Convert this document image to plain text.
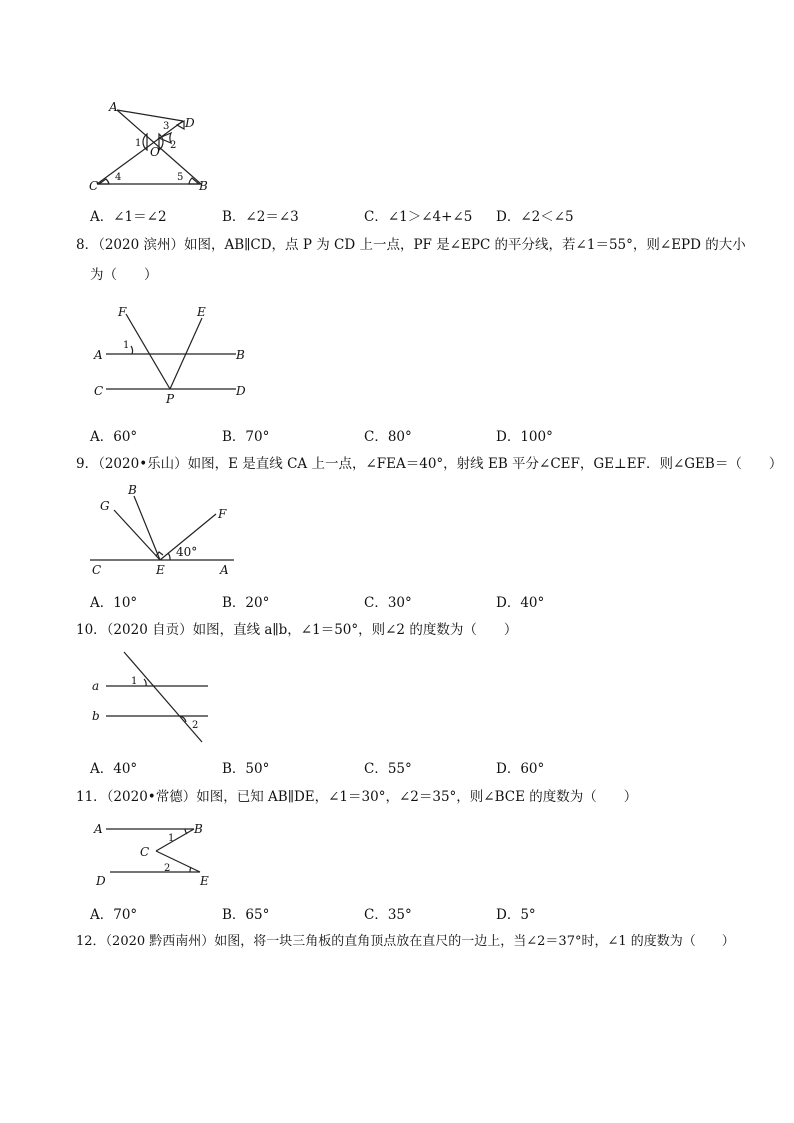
A
D
O
C	B
1	2
3
4	5
A．∠1＝∠2	B．∠2＝∠3	C．∠1＞∠4+∠5 D．∠2＜∠5
8．（2020 滨州）如图，AB∥CD，点 P 为 CD 上一点，PF 是∠EPC 的平分线，若∠1＝55°，则∠EPD 的大小
为（　　）
F	E
A	B
C	D
P
1
A．60°	B．70°	C．80°	D．100°
9．（2020•乐山）如图，E 是直线 CA 上一点，∠FEA＝40°，射线 EB 平分∠CEF，GE⊥EF．则∠GEB＝（　　）
G
B
F
C	E	A
40°
A．10°	B．20°	C．30°	D．40°
10．（2020 自贡）如图，直线 a∥b，∠1＝50°，则∠2 的度数为（　　）
a
b
1
2
A．40°	B．50°	C．55°	D．60°
11．（2020•常德）如图，已知 AB∥DE，∠1＝30°，∠2＝35°，则∠BCE 的度数为（　　）
A	B
C
D	E
1
2
A．70°	B．65°	C．35°	D．5°
12．（2020 黔西南州）如图，将一块三角板的直角顶点放在直尺的一边上，当∠2＝37°时，∠1 的度数为（　　）
